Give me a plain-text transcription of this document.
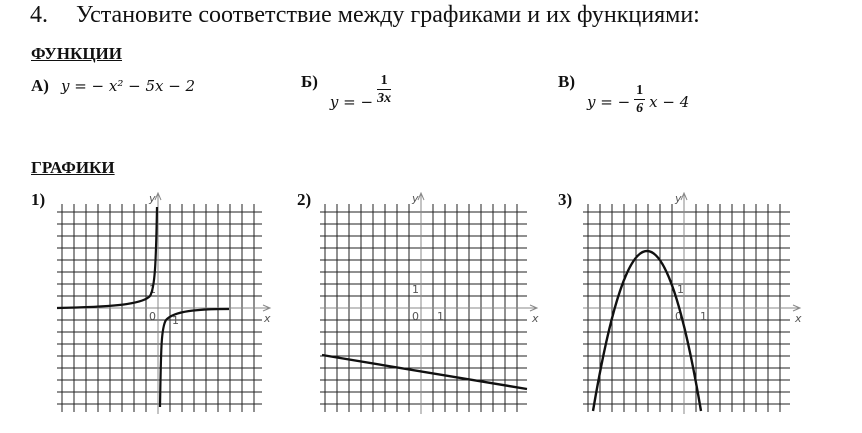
4. Установите соответствие между графиками и их функциями:
ФУНКЦИИ
А) y = − x² − 5x − 2	Б) y = − $\frac{1}{3x}$	В) y = − $\frac{1}{6}$ x − 4
ГРАФИКИ
1)	2)	3)
y
x
0 1
1
y
x
0 1
1
y
x
0 1
1
